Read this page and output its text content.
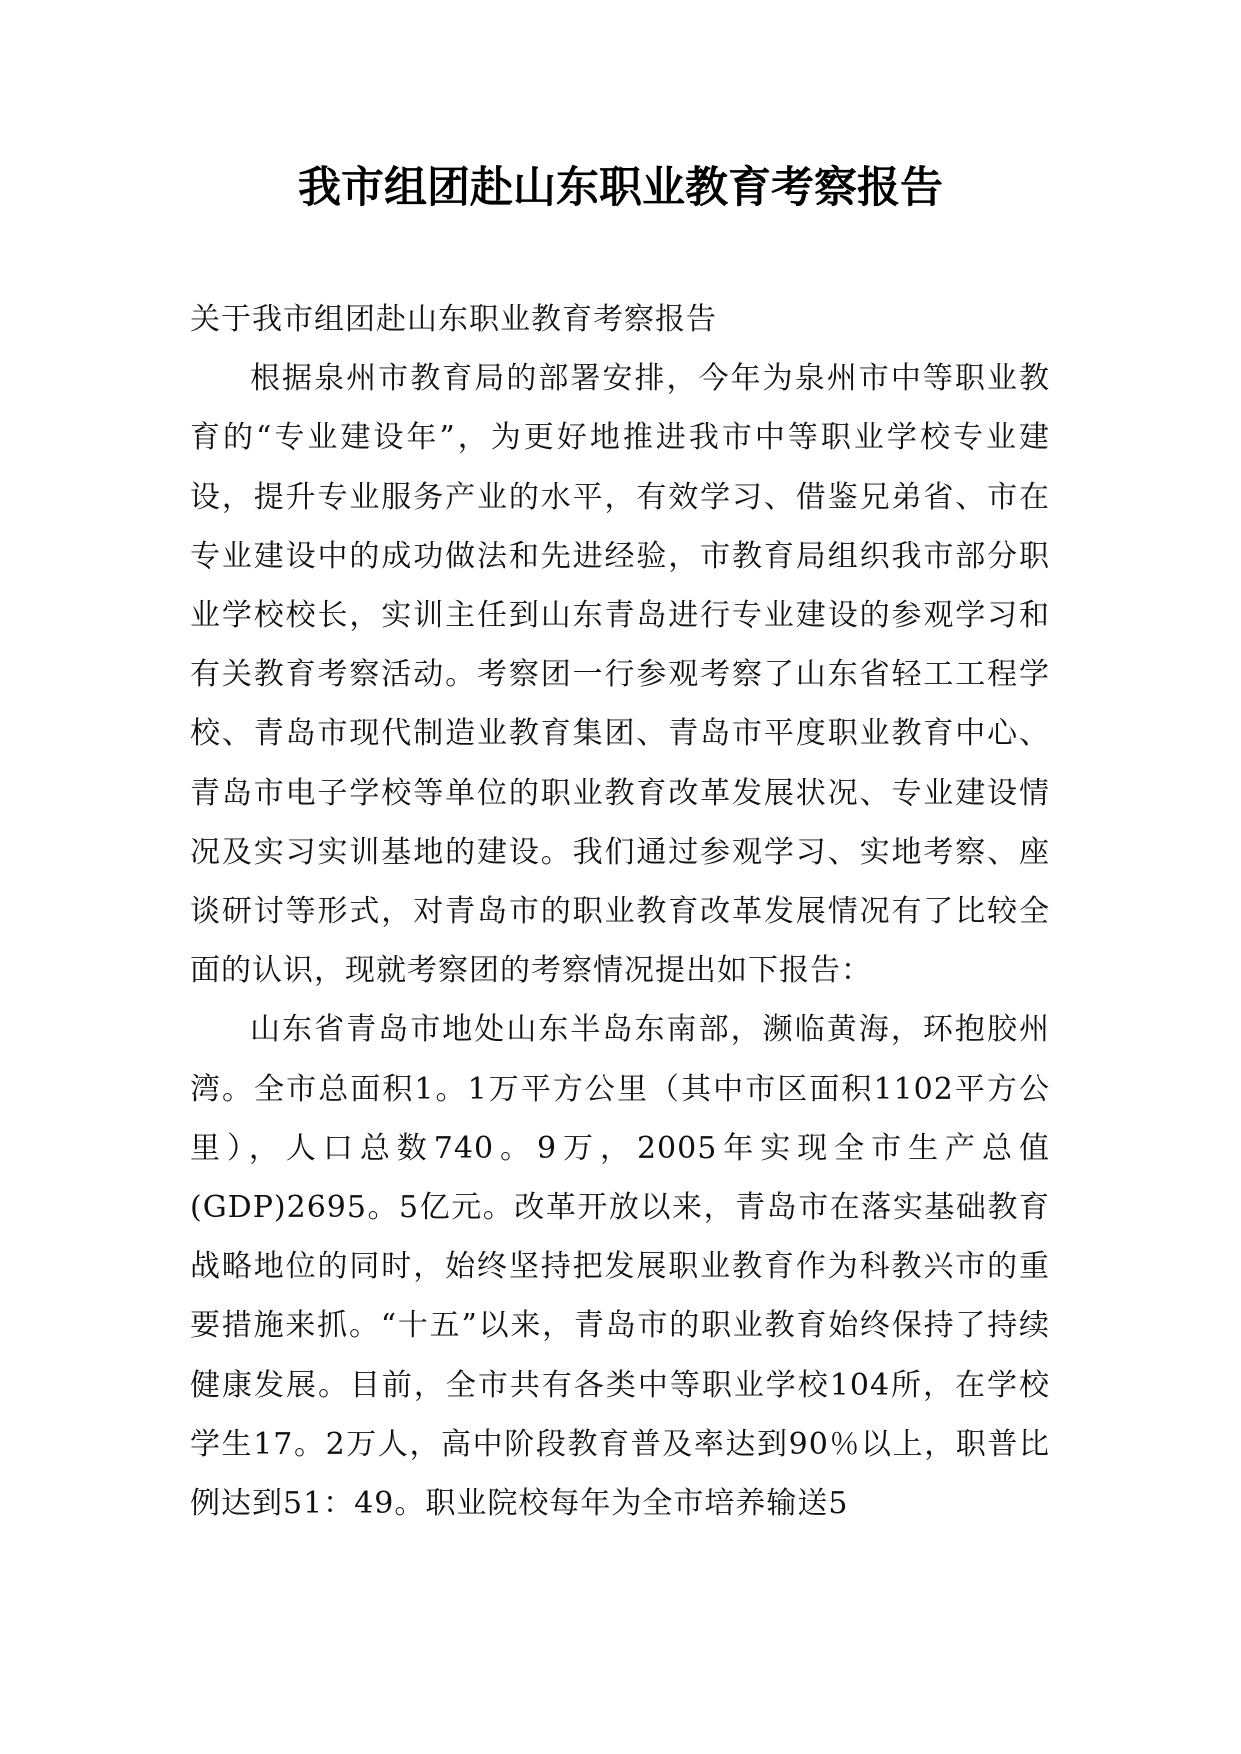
我市组团赴山东职业教育考察报告

关于我市组团赴山东职业教育考察报告

根据泉州市教育局的部署安排，今年为泉州市中等职业教育的“专业建设年”，为更好地推进我市中等职业学校专业建设，提升专业服务产业的水平，有效学习、借鉴兄弟省、市在专业建设中的成功做法和先进经验，市教育局组织我市部分职业学校校长，实训主任到山东青岛进行专业建设的参观学习和有关教育考察活动。考察团一行参观考察了山东省轻工工程学校、青岛市现代制造业教育集团、青岛市平度职业教育中心、青岛市电子学校等单位的职业教育改革发展状况、专业建设情况及实习实训基地的建设。我们通过参观学习、实地考察、座谈研讨等形式，对青岛市的职业教育改革发展情况有了比较全面的认识，现就考察团的考察情况提出如下报告：

山东省青岛市地处山东半岛东南部，濒临黄海，环抱胶州湾。全市总面积1。1万平方公里（其中市区面积1102平方公里），人口总数740。9万，2005年实现全市生产总值(GDP)2695。5亿元。改革开放以来，青岛市在落实基础教育战略地位的同时，始终坚持把发展职业教育作为科教兴市的重要措施来抓。“十五”以来，青岛市的职业教育始终保持了持续健康发展。目前，全市共有各类中等职业学校104所，在学校学生17。2万人，高中阶段教育普及率达到90％以上，职普比例达到51：49。职业院校每年为全市培养输送5
